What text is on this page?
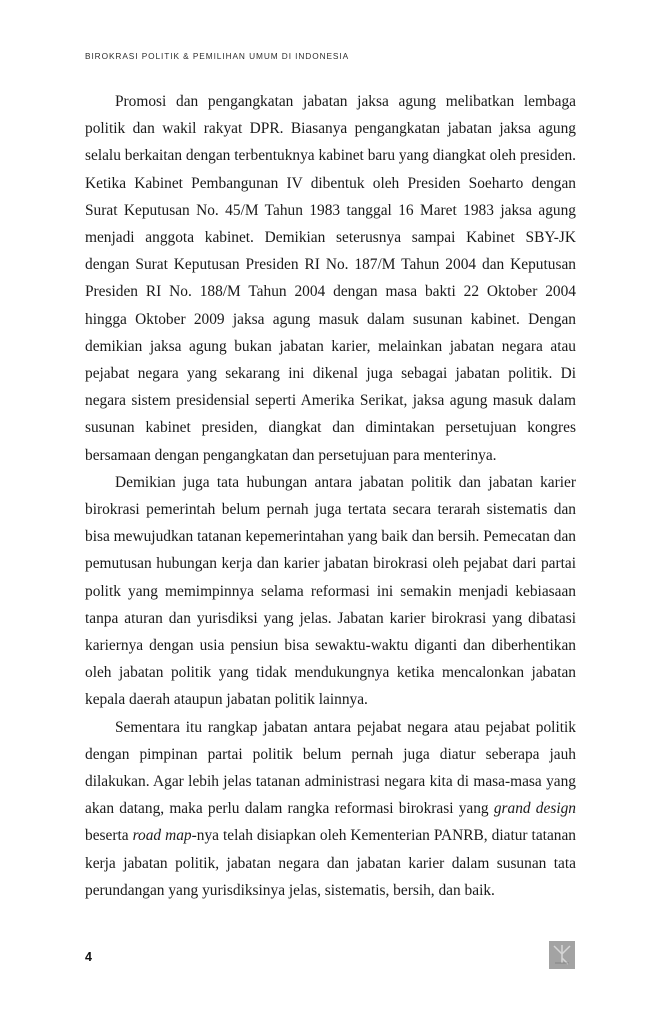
BIROKRASI POLITIK & PEMILIHAN UMUM DI INDONESIA

Promosi dan pengangkatan jabatan jaksa agung melibatkan lembaga politik dan wakil rakyat DPR. Biasanya pengangkatan jabatan jaksa agung selalu berkaitan dengan terbentuknya kabinet baru yang diangkat oleh presiden. Ketika Kabinet Pembangunan IV dibentuk oleh Presiden Soeharto dengan Surat Keputusan No. 45/M Tahun 1983 tanggal 16 Maret 1983 jaksa agung menjadi anggota kabinet. Demikian seterusnya sampai Kabinet SBY-JK dengan Surat Keputusan Presiden RI No. 187/M Tahun 2004 dan Keputusan Presiden RI No. 188/M Tahun 2004 dengan masa bakti 22 Oktober 2004 hingga Oktober 2009 jaksa agung masuk dalam susunan kabinet. Dengan demikian jaksa agung bukan jabatan karier, melainkan jabatan negara atau pejabat negara yang sekarang ini dikenal juga sebagai jabatan politik. Di negara sistem presidensial seperti Amerika Serikat, jaksa agung masuk dalam susunan kabinet presiden, diangkat dan dimintakan persetujuan kongres bersamaan dengan pengangkatan dan persetujuan para menterinya.

Demikian juga tata hubungan antara jabatan politik dan jabatan karier birokrasi pemerintah belum pernah juga tertata secara terarah sistematis dan bisa mewujudkan tatanan kepemerintahan yang baik dan bersih. Pemecatan dan pemutusan hubungan kerja dan karier jabatan birokrasi oleh pejabat dari partai politk yang memimpinnya selama reformasi ini semakin menjadi kebiasaan tanpa aturan dan yurisdiksi yang jelas. Jabatan karier birokrasi yang dibatasi kariernya dengan usia pensiun bisa sewaktu-waktu diganti dan diberhentikan oleh jabatan politik yang tidak mendukungnya ketika mencalonkan jabatan kepala daerah ataupun jabatan politik lainnya.

Sementara itu rangkap jabatan antara pejabat negara atau pejabat politik dengan pimpinan partai politik belum pernah juga diatur seberapa jauh dilakukan. Agar lebih jelas tatanan administrasi negara kita di masa-masa yang akan datang, maka perlu dalam rangka reformasi birokrasi yang grand design beserta road map-nya telah disiapkan oleh Kementerian PANRB, diatur tatanan kerja jabatan politik, jabatan negara dan jabatan karier dalam susunan tata perundangan yang yurisdiksinya jelas, sistematis, bersih, dan baik.

4
